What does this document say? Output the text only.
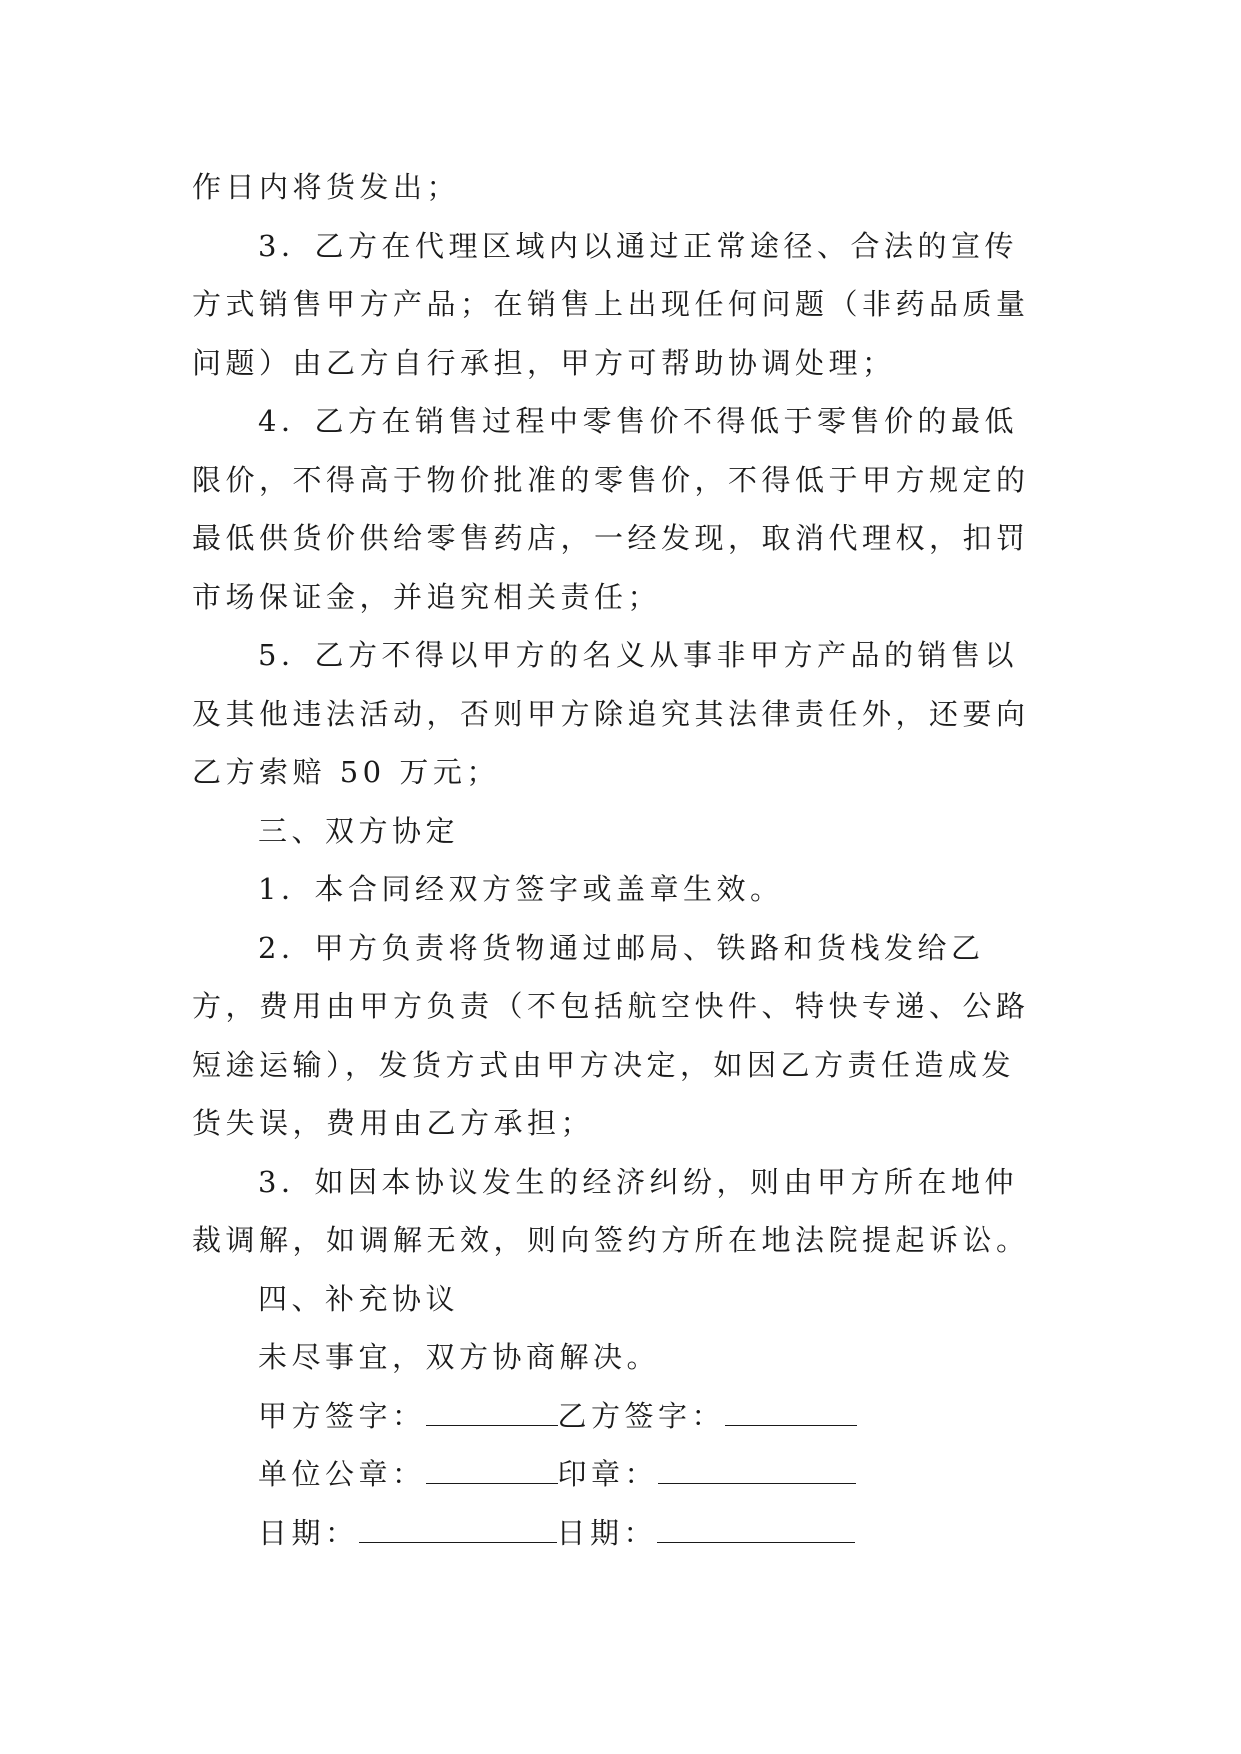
作日内将货发出；

3．乙方在代理区域内以通过正常途径、合法的宣传方式销售甲方产品；在销售上出现任何问题（非药品质量问题）由乙方自行承担，甲方可帮助协调处理；

4．乙方在销售过程中零售价不得低于零售价的最低限价，不得高于物价批准的零售价，不得低于甲方规定的最低供货价供给零售药店，一经发现，取消代理权，扣罚市场保证金，并追究相关责任；

5．乙方不得以甲方的名义从事非甲方产品的销售以及其他违法活动，否则甲方除追究其法律责任外，还要向乙方索赔 50 万元；

三、双方协定

1．本合同经双方签字或盖章生效。

2．甲方负责将货物通过邮局、铁路和货栈发给乙方，费用由甲方负责（不包括航空快件、特快专递、公路短途运输），发货方式由甲方决定，如因乙方责任造成发货失误，费用由乙方承担；

3．如因本协议发生的经济纠纷，则由甲方所在地仲裁调解，如调解无效，则向签约方所在地法院提起诉讼。

四、补充协议

未尽事宜，双方协商解决。

甲方签字：	乙方签字：
单位公章：	印章：
日期：	日期：
